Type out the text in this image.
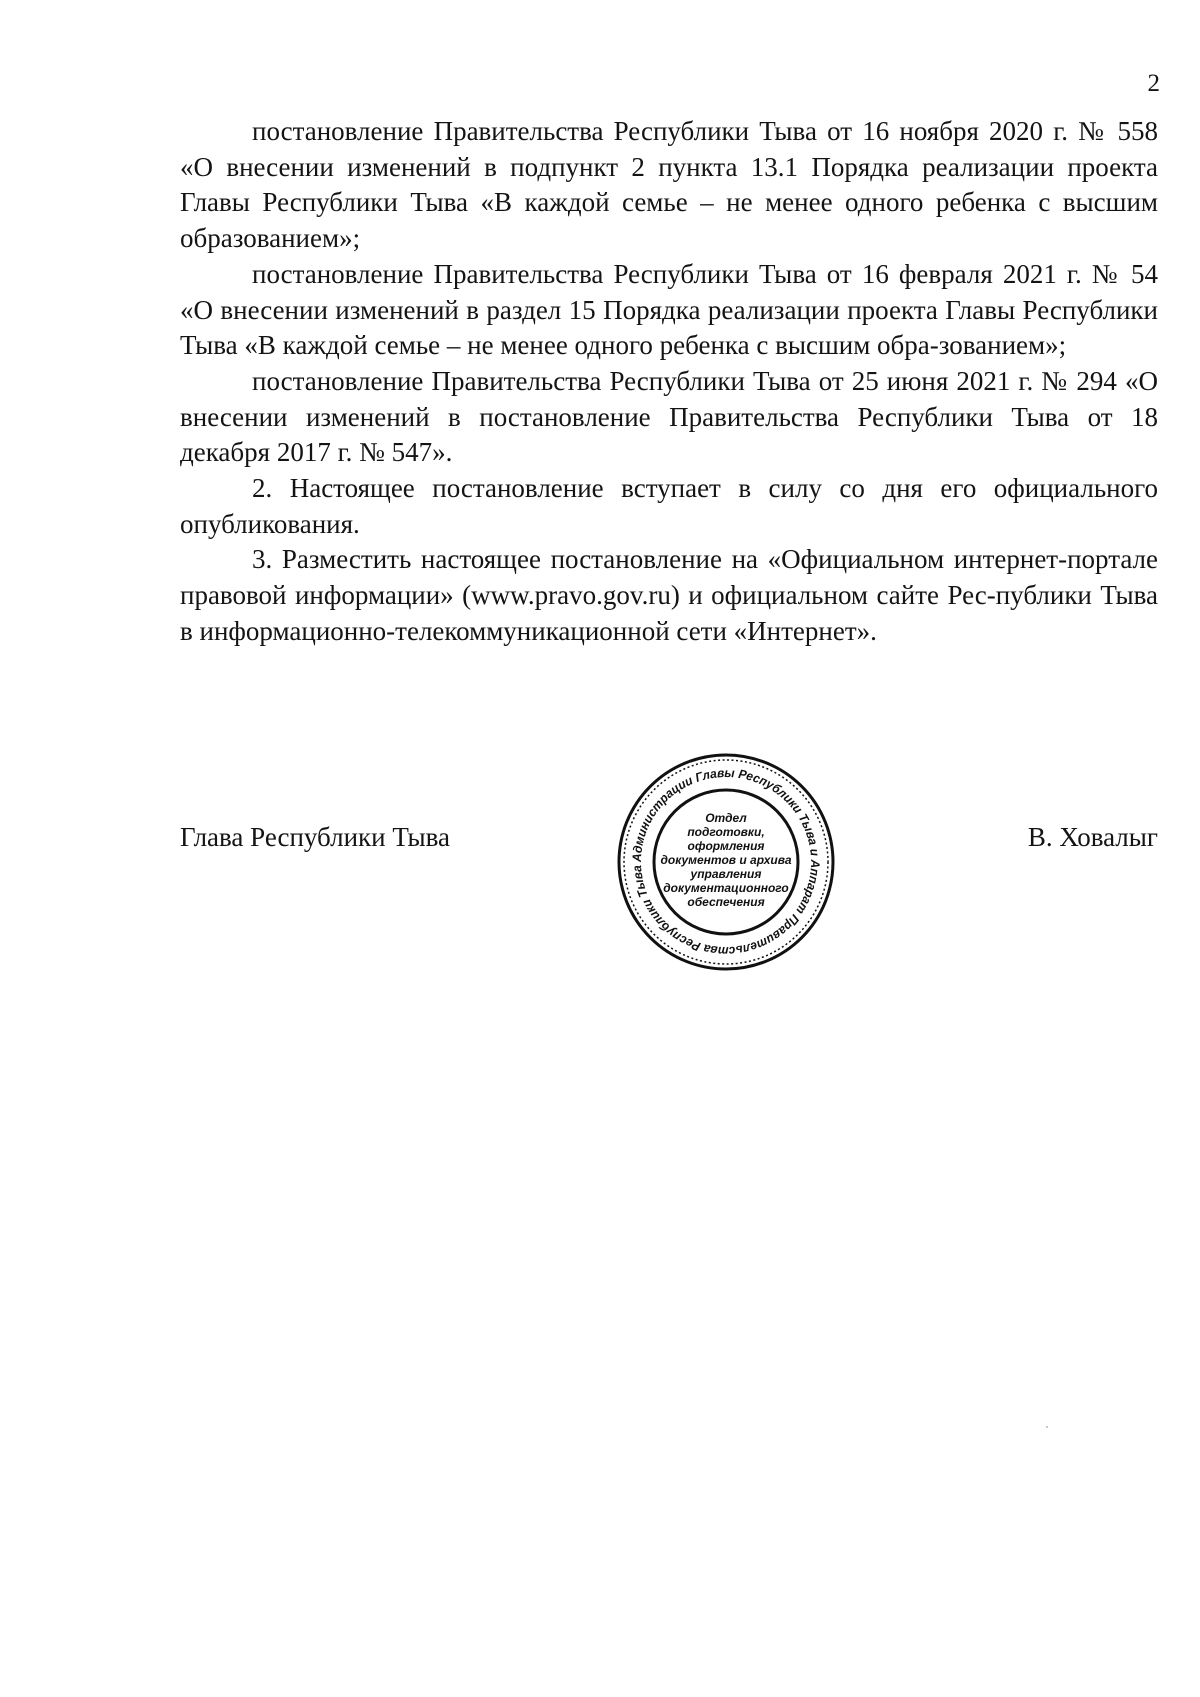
2

постановление Правительства Республики Тыва от 16 ноября 2020 г. № 558 «О внесении изменений в подпункт 2 пункта 13.1 Порядка реализации проекта Главы Республики Тыва «В каждой семье – не менее одного ребенка с высшим образованием»;

постановление Правительства Республики Тыва от 16 февраля 2021 г. № 54 «О внесении изменений в раздел 15 Порядка реализации проекта Главы Республики Тыва «В каждой семье – не менее одного ребенка с высшим обра-зованием»;

постановление Правительства Республики Тыва от 25 июня 2021 г. № 294 «О внесении изменений в постановление Правительства Республики Тыва от 18 декабря 2017 г. № 547».

2. Настоящее постановление вступает в силу со дня его официального опубликования.

3. Разместить настоящее постановление на «Официальном интернет-портале правовой информации» (www.pravo.gov.ru) и официальном сайте Рес-публики Тыва в информационно-телекоммуникационной сети «Интернет».

Глава Республики Тыва	В. Ховалыг
Администрации Главы Республики Тыва и Аппарат Правительства Республики Тыва
Отдел
подготовки,
оформления
документов и архива
управления
документационного
обеспечения
